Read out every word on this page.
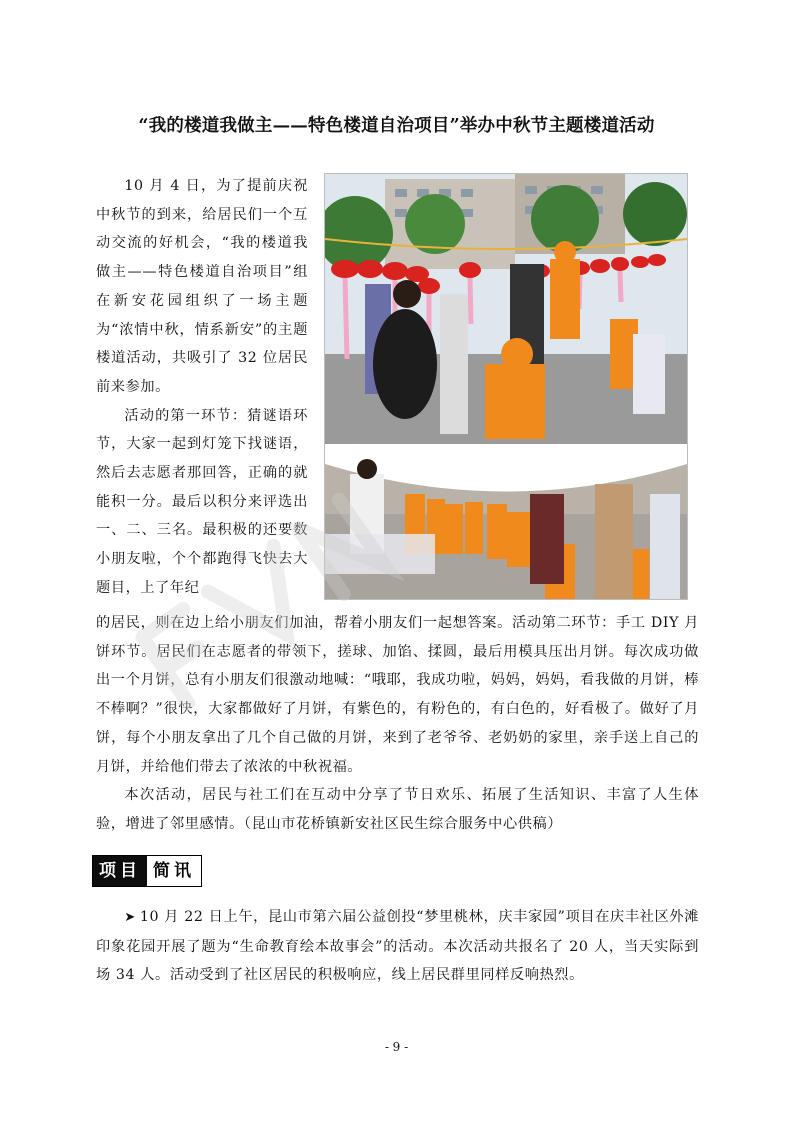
“我的楼道我做主——特色楼道自治项目”举办中秋节主题楼道活动

10 月 4 日，为了提前庆祝中秋节的到来，给居民们一个互动交流的好机会，“我的楼道我做主——特色楼道自治项目”组在新安花园组织了一场主题为“浓情中秋，情系新安”的主题楼道活动，共吸引了 32 位居民前来参加。

活动的第一环节：猜谜语环节，大家一起到灯笼下找谜语，然后去志愿者那回答，正确的就能积一分。最后以积分来评选出一、二、三名。最积极的还要数小朋友啦，个个都跑得飞快去大题目，上了年纪

的居民，则在边上给小朋友们加油，帮着小朋友们一起想答案。活动第二环节：手工 DIY 月饼环节。居民们在志愿者的带领下，搓球、加馅、揉圆，最后用模具压出月饼。每次成功做出一个月饼，总有小朋友们很激动地喊：“哦耶，我成功啦，妈妈，妈妈，看我做的月饼，棒不棒啊？”很快，大家都做好了月饼，有紫色的，有粉色的，有白色的，好看极了。做好了月饼，每个小朋友拿出了几个自己做的月饼，来到了老爷爷、老奶奶的家里，亲手送上自己的月饼，并给他们带去了浓浓的中秋祝福。

本次活动，居民与社工们在互动中分享了节日欢乐、拓展了生活知识、丰富了人生体验，增进了邻里感情。（昆山市花桥镇新安社区民生综合服务中心供稿）

项目 简讯

➤ 10 月 22 日上午，昆山市第六届公益创投“梦里桃林，庆丰家园”项目在庆丰社区外滩印象花园开展了题为“生命教育绘本故事会”的活动。本次活动共报名了 20 人，当天实际到场 34 人。活动受到了社区居民的积极响应，线上居民群里同样反响热烈。

- 9 -
